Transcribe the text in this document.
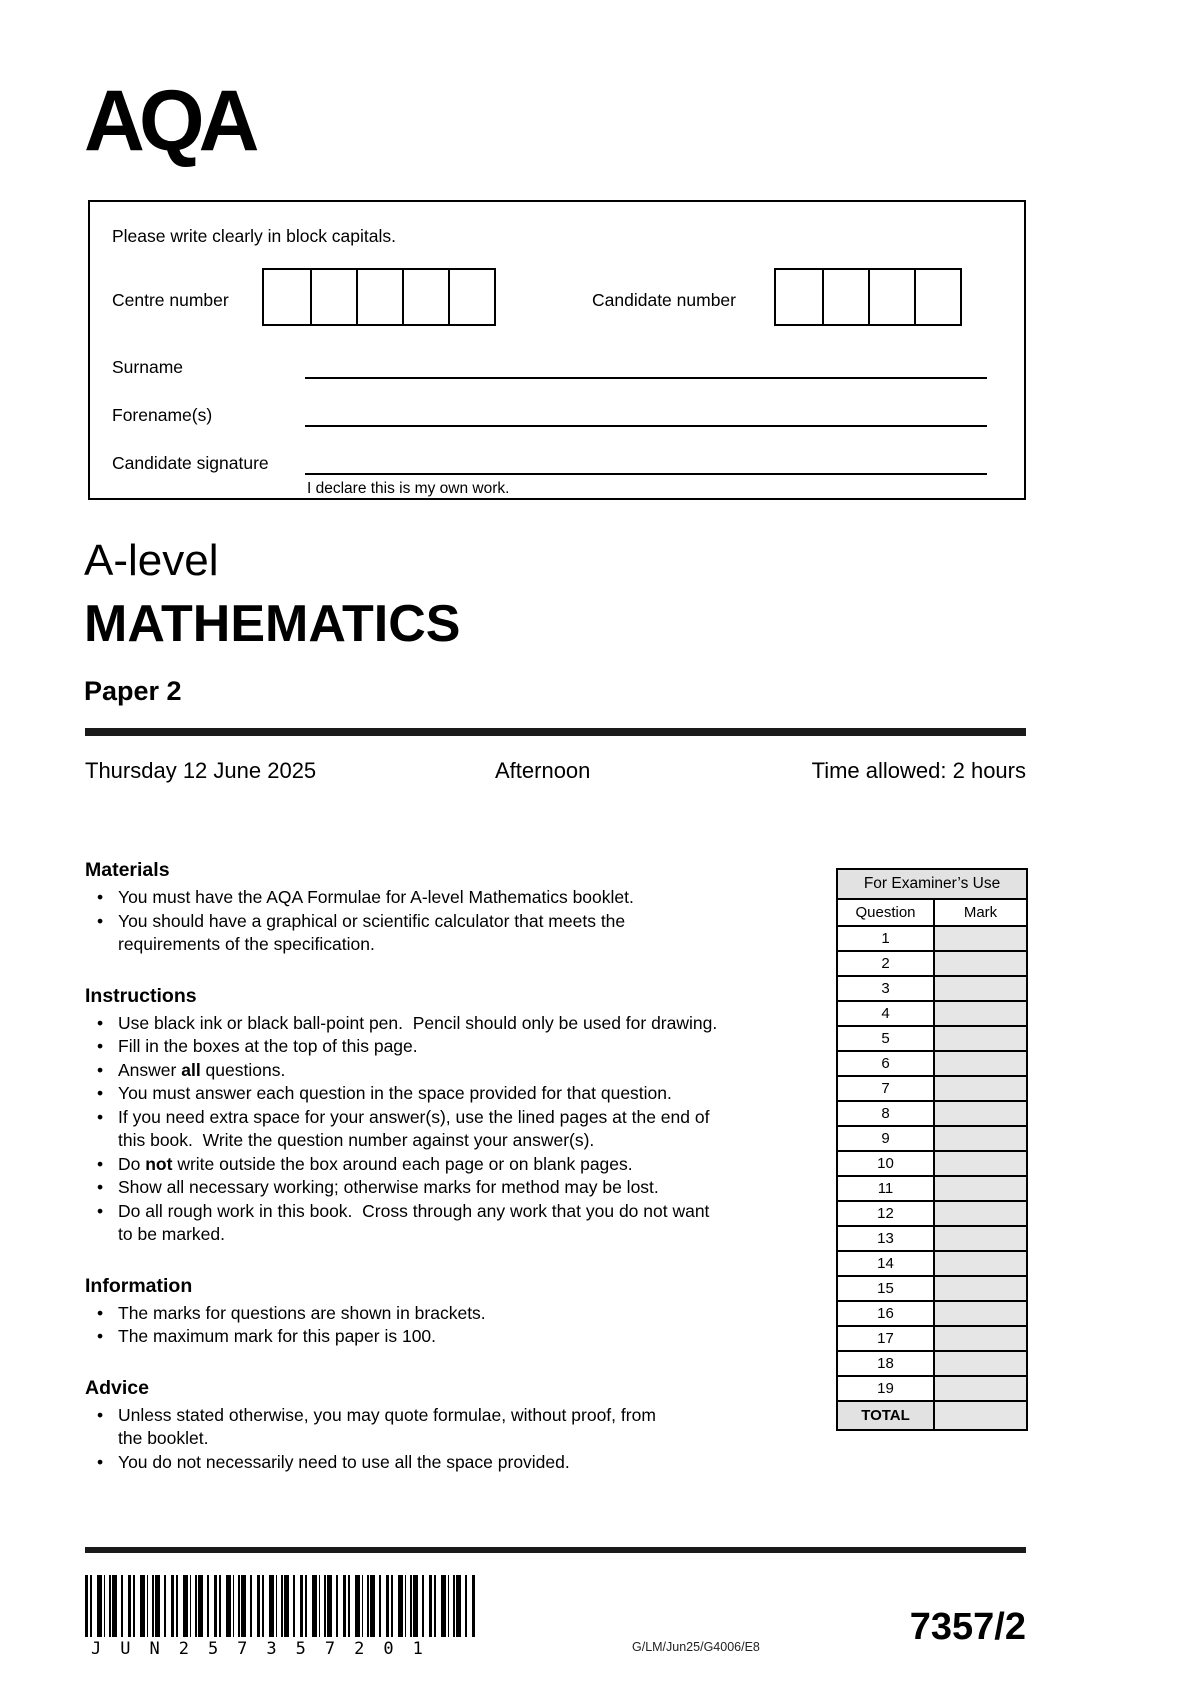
AQA
Please write clearly in block capitals.
Centre number	Candidate number
Surname
Forename(s)
Candidate signature
I declare this is my own work.
A-level
MATHEMATICS
Paper 2
Thursday 12 June 2025	Afternoon	Time allowed: 2 hours
Materials
• You must have the AQA Formulae for A-level Mathematics booklet.
• You should have a graphical or scientific calculator that meets the
requirements of the specification.
Instructions
• Use black ink or black ball-point pen.  Pencil should only be used for drawing.
• Fill in the boxes at the top of this page.
• Answer all questions.
• You must answer each question in the space provided for that question.
• If you need extra space for your answer(s), use the lined pages at the end of
this book.  Write the question number against your answer(s).
• Do not write outside the box around each page or on blank pages.
• Show all necessary working; otherwise marks for method may be lost.
• Do all rough work in this book.  Cross through any work that you do not want
to be marked.
Information
• The marks for questions are shown in brackets.
• The maximum mark for this paper is 100.
Advice
• Unless stated otherwise, you may quote formulae, without proof, from
the booklet.
• You do not necessarily need to use all the space provided.
For Examiner’s Use	
Question	Mark
1	
2	
3	
4	
5	
6	
7	
8	
9	
10	
11	
12	
13	
14	
15	
16	
17	
18	
19	
TOTAL	
JUN257357201	G/LM/Jun25/G4006/E8	7357/2
